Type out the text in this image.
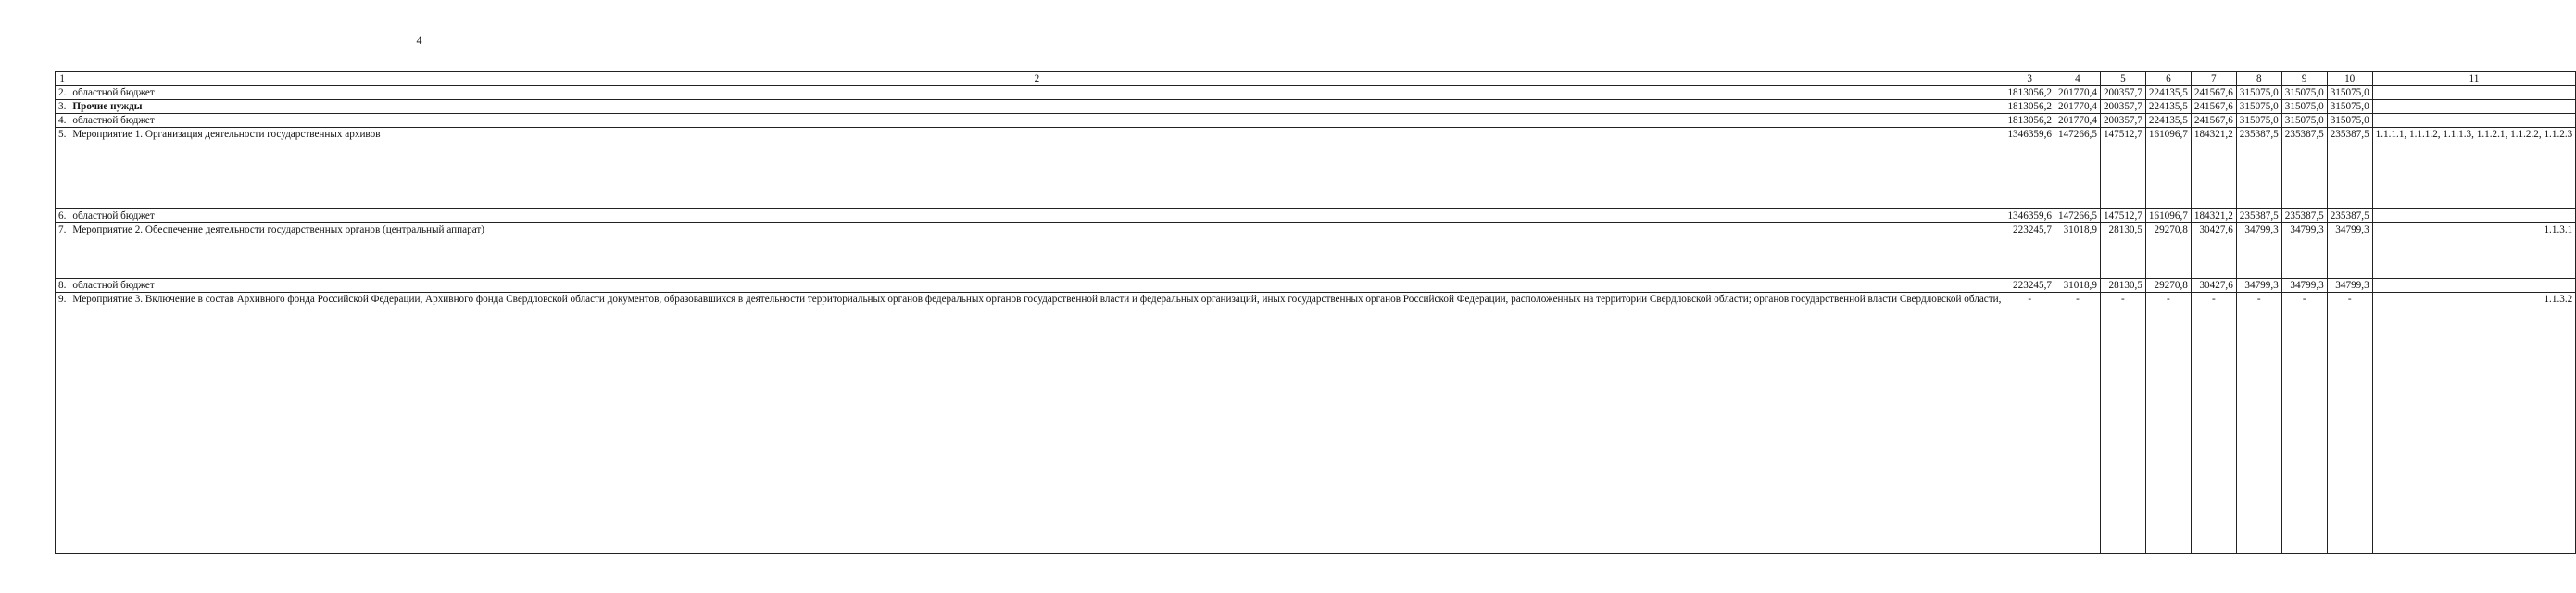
4
1	2	3	4	5	6	7	8	9	10	11
2.	областной бюджет	1813056,2	201770,4	200357,7	224135,5	241567,6	315075,0	315075,0	315075,0	
3.	Прочие нужды	1813056,2	201770,4	200357,7	224135,5	241567,6	315075,0	315075,0	315075,0	
4.	областной бюджет	1813056,2	201770,4	200357,7	224135,5	241567,6	315075,0	315075,0	315075,0	
5.	Мероприятие 1. Организация деятельности государственных архивов	1346359,6	147266,5	147512,7	161096,7	184321,2	235387,5	235387,5	235387,5	1.1.1.1, 1.1.1.2, 1.1.1.3, 1.1.2.1, 1.1.2.2, 1.1.2.3
6.	областной бюджет	1346359,6	147266,5	147512,7	161096,7	184321,2	235387,5	235387,5	235387,5	
7.	Мероприятие 2. Обеспечение деятельности государственных органов (центральный аппарат)	223245,7	31018,9	28130,5	29270,8	30427,6	34799,3	34799,3	34799,3	1.1.3.1
8.	областной бюджет	223245,7	31018,9	28130,5	29270,8	30427,6	34799,3	34799,3	34799,3	
9.	Мероприятие 3. Включение в состав Архивного фонда Российской Федерации, Архивного фонда Свердловской области документов, образовавшихся в деятельности территориальных органов федеральных органов государственной власти и федеральных организаций, иных государственных органов Российской Федерации, расположенных на территории Свердловской области; органов государственной власти Свердловской области,	-	-	-	-	-	-	-	-	1.1.3.2
